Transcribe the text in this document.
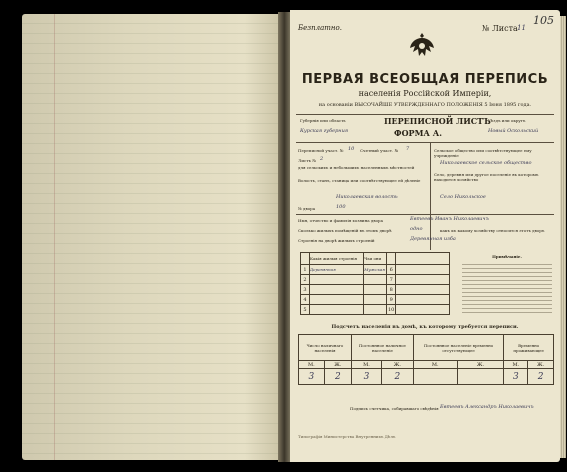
Безплатно.	№ Листа 11
105
ПЕРВАЯ ВСЕОБЩАЯ ПЕРЕПИСЬ
населенія Россійской Имперіи,
на основаніи ВЫСОЧАЙШЕ УТВЕРЖДЕННАГО ПОЛОЖЕНІЯ 5 Іюня 1895 года.
Губернія или область
Курская губерния
ПЕРЕПИСНОЙ ЛИСТЪ
ФОРМА А.
Уѣздъ или округъ
Новый Оскольский
Переписной участ. № 10 Счетный участ. № 7
Листъ № 2
для сельскихъ и небольшихъ населенныхъ мѣстностей
Волость, станъ, станица или соотвѣтствующее ей дѣленіе
Николаевская волость
№ двора	100
Сельское общество или соотвѣтствующее ему учрежденіе
Николаевское сельское общество
Село, деревня или другое поселеніе въ которомъ находится хозяйство
Село Никольское
Имя, отчество и фамилія хозяина двора	Евтеевъ Иванъ Николаевичъ
Сколько жилыхъ помѣщеній въ этомъ дворѣ	одно	какъ къ какому хозяйству относится этотъ дворъ
Строенія на дворѣ жилыхъ строеній	Деревянная изба
	Какія жилыя строенія	Чьи они		
1	Деревянная	Мужская	6	
2			7	
3			8	
4			9	
5			10	
Примѣчаніе.
Подсчетъ населенія въ домѣ, къ которому требуется переписи.
Число наличнаго населенія		Постоянное наличное населеніе		Постоянное населеніе временно отсутствующее		Временно проживающее	
М.	Ж.	М.	Ж.	М.	Ж.	М.	Ж.
3	2	3	2			3	2
Подпись счетчика, собиравшаго свѣдѣнія Евтеевъ Александръ Николаевичъ
Типографія Министерства Внутреннихъ Дѣлъ
